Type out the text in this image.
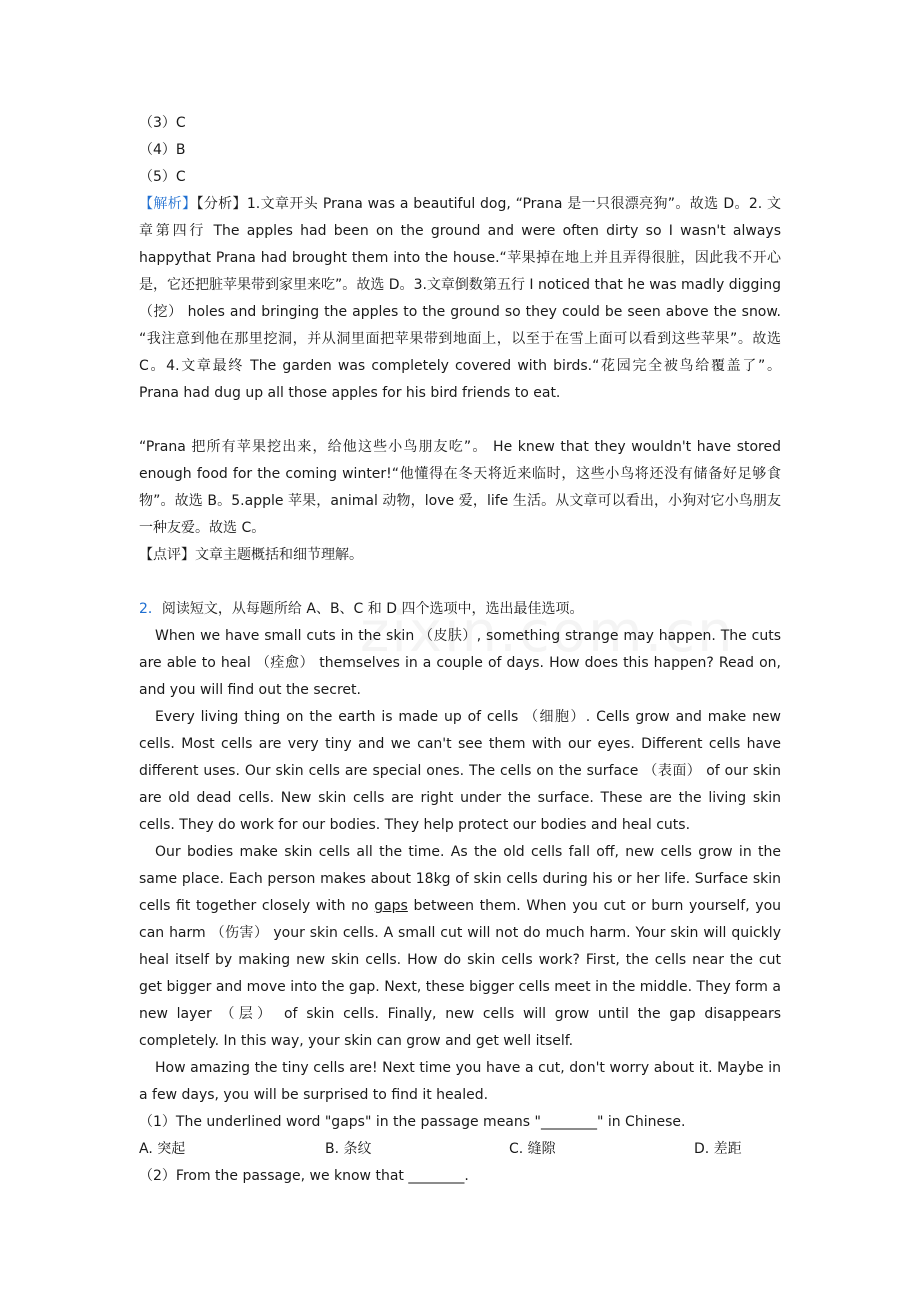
（3）C

（4）B

（5）C

【解析】【分析】1.文章开头 Prana was a beautiful dog, “Prana 是一只很漂亮狗”。故选 D。2. 文章第四行 The apples had been on the ground and were often dirty so I wasn't always happythat Prana had brought them into the house.“苹果掉在地上并且弄得很脏，因此我不开心是，它还把脏苹果带到家里来吃”。故选 D。3.文章倒数第五行 I noticed that he was madly digging（挖） holes and bringing the apples to the ground so they could be seen above the snow. “我注意到他在那里挖洞，并从洞里面把苹果带到地面上，以至于在雪上面可以看到这些苹果”。故选 C。4.文章最终 The garden was completely covered with birds.“花园完全被鸟给覆盖了”。 Prana had dug up all those apples for his bird friends to eat.

“Prana 把所有苹果挖出来，给他这些小鸟朋友吃”。 He knew that they wouldn't have stored enough food for the coming winter!“他懂得在冬天将近来临时，这些小鸟将还没有储备好足够食物”。故选 B。5.apple 苹果，animal 动物，love 爱，life 生活。从文章可以看出，小狗对它小鸟朋友一种友爱。故选 C。

【点评】文章主题概括和细节理解。

2．阅读短文，从每题所给 A、B、C 和 D 四个选项中，选出最佳选项。

When we have small cuts in the skin （皮肤）, something strange may happen. The cuts are able to heal （痊愈） themselves in a couple of days. How does this happen? Read on, and you will find out the secret.

Every living thing on the earth is made up of cells （细胞）. Cells grow and make new cells. Most cells are very tiny and we can't see them with our eyes. Different cells have different uses. Our skin cells are special ones. The cells on the surface （表面） of our skin are old dead cells. New skin cells are right under the surface. These are the living skin cells. They do work for our bodies. They help protect our bodies and heal cuts.

Our bodies make skin cells all the time. As the old cells fall off, new cells grow in the same place. Each person makes about 18kg of skin cells during his or her life. Surface skin cells fit together closely with no gaps between them. When you cut or burn yourself, you can harm （伤害） your skin cells. A small cut will not do much harm. Your skin will quickly heal itself by making new skin cells. How do skin cells work? First, the cells near the cut get bigger and move into the gap. Next, these bigger cells meet in the middle. They form a new layer （层） of skin cells. Finally, new cells will grow until the gap disappears completely. In this way, your skin can grow and get well itself.

How amazing the tiny cells are! Next time you have a cut, don't worry about it. Maybe in a few days, you will be surprised to find it healed.

（1）The underlined word "gaps" in the passage means "________" in Chinese.

A. 突起	B. 条纹	C. 缝隙	D. 差距

（2）From the passage, we know that ________.
